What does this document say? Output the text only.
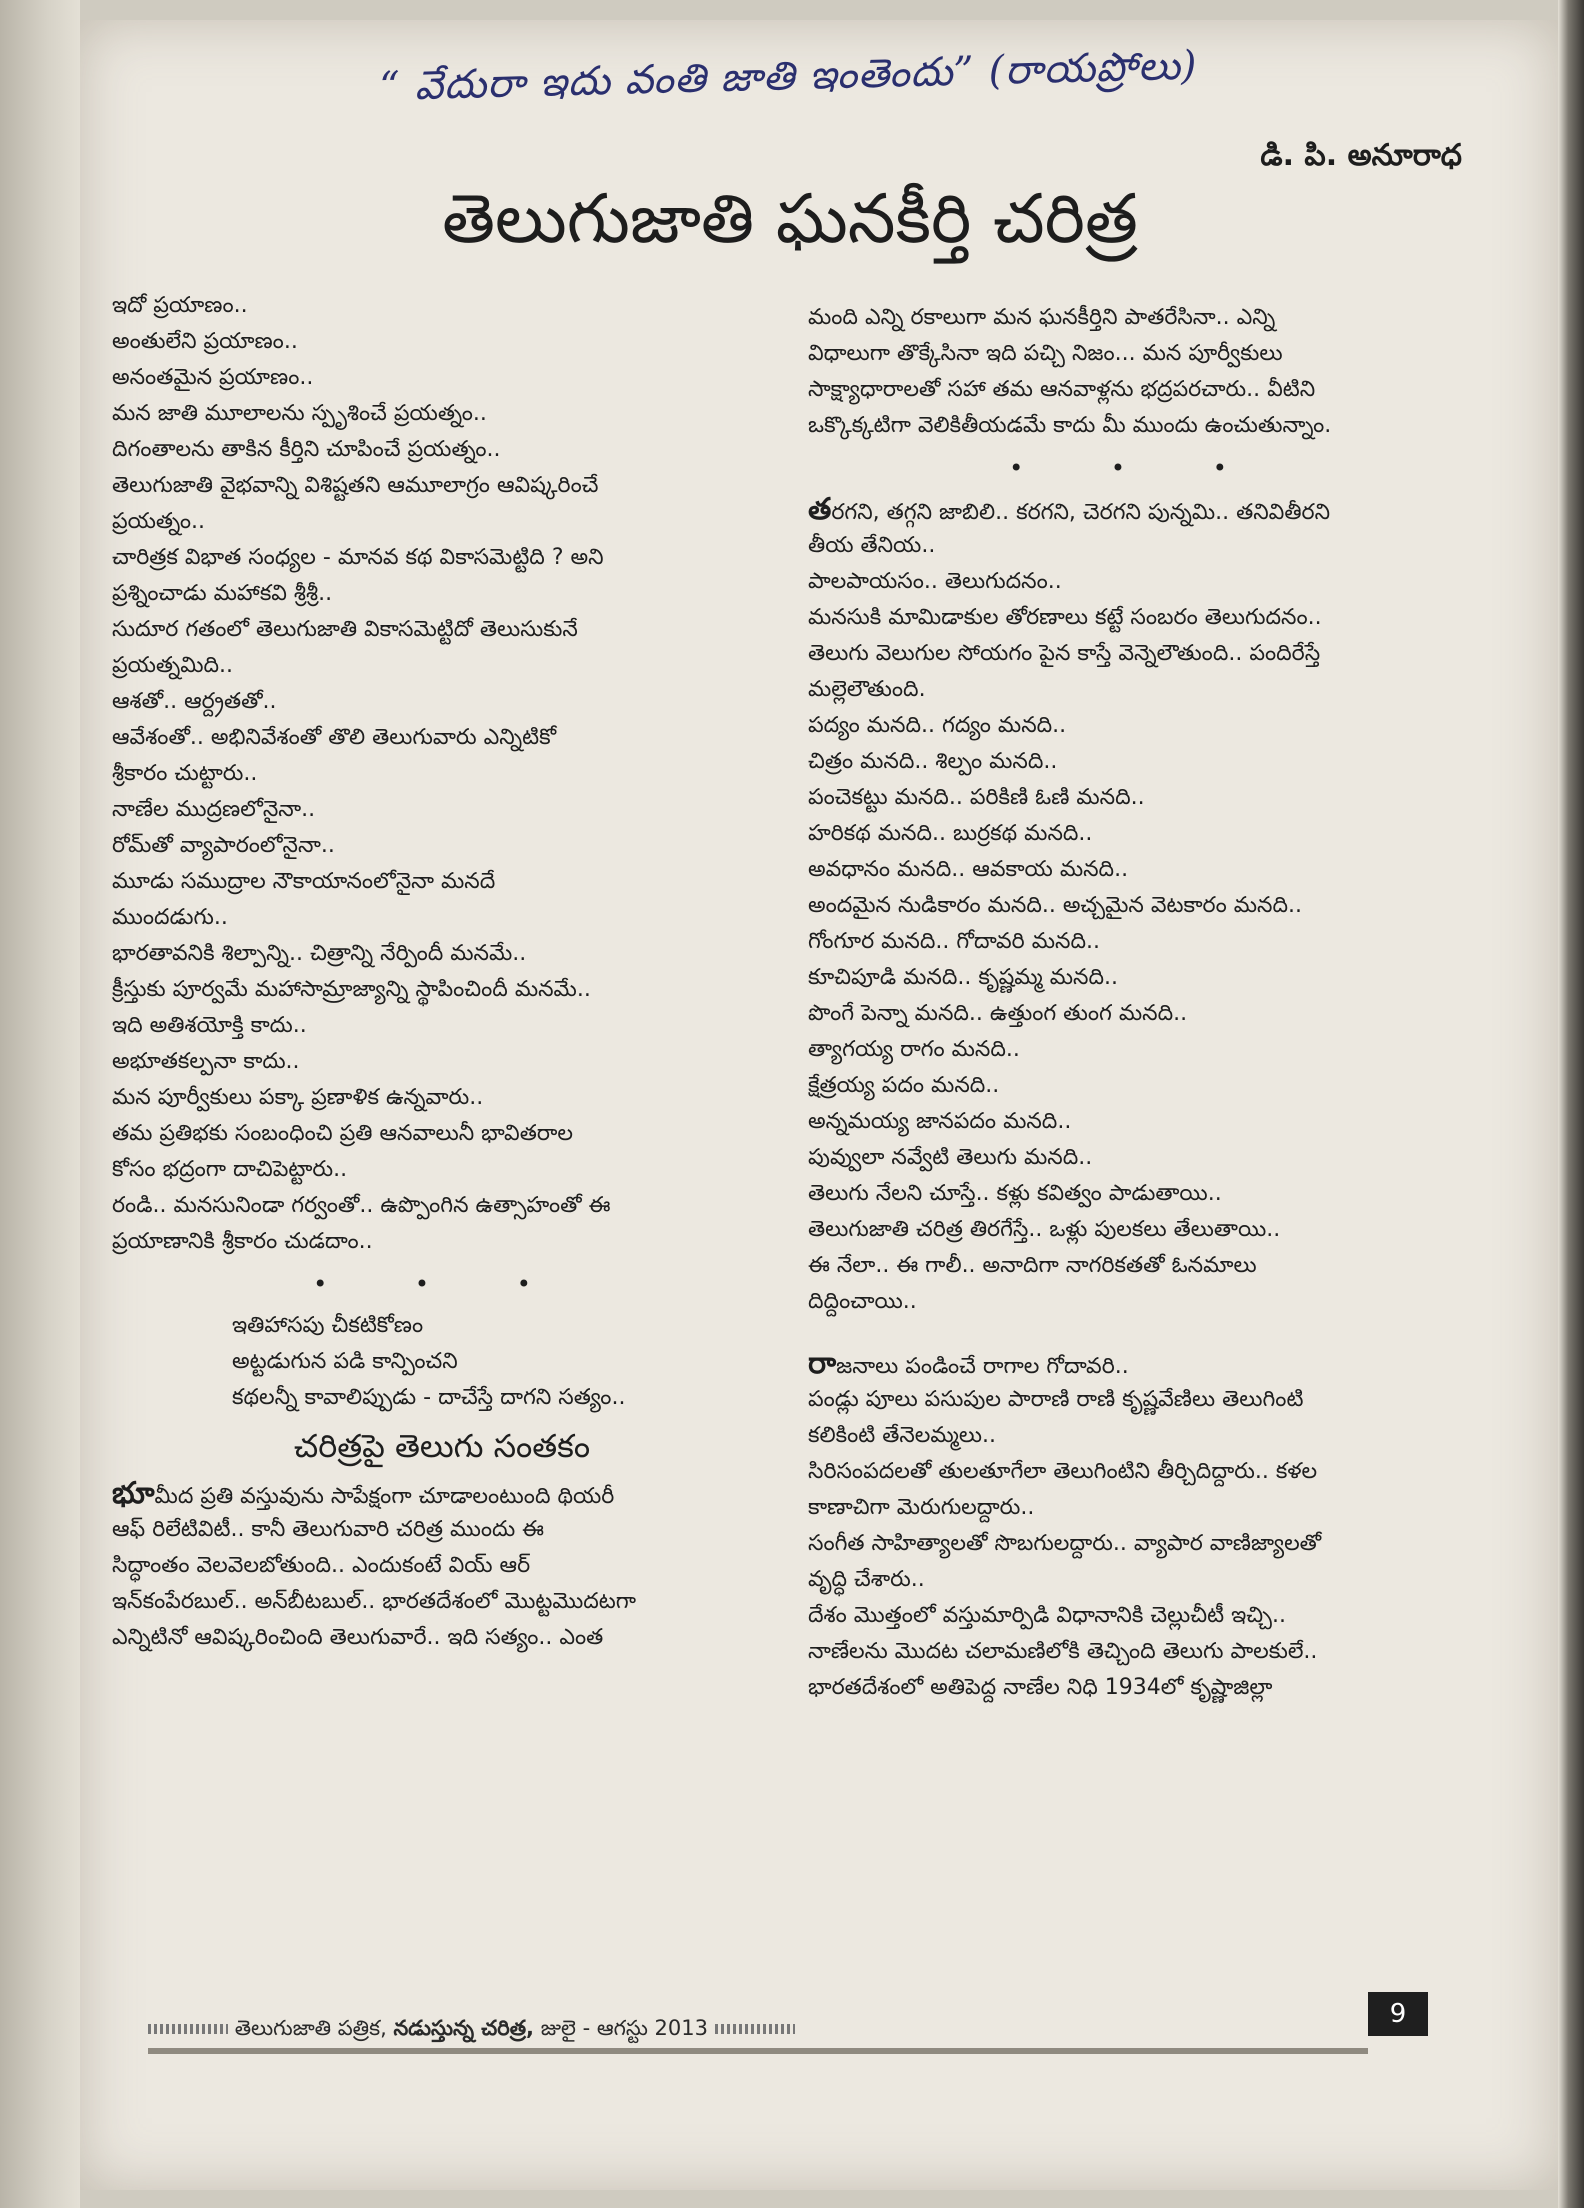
“ వేదురా ఇదు వంతి జాతి ఇంతెందు” (రాయప్రోలు)
డి. పి. అనూరాధ
తెలుగుజాతి ఘనకీర్తి చరిత్ర
ఇదో ప్రయాణం..
అంతులేని ప్రయాణం..
అనంతమైన ప్రయాణం..
మన జాతి మూలాలను స్పృశించే ప్రయత్నం..
దిగంతాలను తాకిన కీర్తిని చూపించే ప్రయత్నం..
తెలుగుజాతి వైభవాన్ని విశిష్టతని ఆమూలాగ్రం ఆవిష్కరించే
ప్రయత్నం..
చారిత్రక విభాత సంధ్యల - మానవ కథ వికాసమెట్టిది ? అని
ప్రశ్నించాడు మహాకవి శ్రీశ్రీ..
సుదూర గతంలో తెలుగుజాతి వికాసమెట్టిదో తెలుసుకునే
ప్రయత్నమిది..
ఆశతో.. ఆర్ద్రతతో..
ఆవేశంతో.. అభినివేశంతో తొలి తెలుగువారు ఎన్నిటికో
శ్రీకారం చుట్టారు..
నాణేల ముద్రణలోనైనా..
రోమ్‌తో వ్యాపారంలోనైనా..
మూడు సముద్రాల నౌకాయానంలోనైనా మనదే
ముందడుగు..
భారతావనికి శిల్పాన్ని.. చిత్రాన్ని నేర్పిందీ మనమే..
క్రీస్తుకు పూర్వమే మహాసామ్రాజ్యాన్ని స్థాపించిందీ మనమే..
ఇది అతిశయోక్తి కాదు..
అభూతకల్పనా కాదు..
మన పూర్వీకులు పక్కా ప్రణాళిక ఉన్నవారు..
తమ ప్రతిభకు సంబంధించి ప్రతి ఆనవాలునీ భావితరాల
కోసం భద్రంగా దాచిపెట్టారు..
రండి.. మనసునిండా గర్వంతో.. ఉప్పొంగిన ఉత్సాహంతో ఈ
ప్రయాణానికి శ్రీకారం చుడదాం..
• • •
ఇతిహాసపు చీకటికోణం
అట్టడుగున పడి కాన్పించని
కథలన్నీ కావాలిప్పుడు - దాచేస్తే దాగని సత్యం..
చరిత్రపై తెలుగు సంతకం
భూమీద ప్రతి వస్తువును సాపేక్షంగా చూడాలంటుంది థియరీ
ఆఫ్ రిలేటివిటీ.. కానీ తెలుగువారి చరిత్ర ముందు ఈ
సిద్ధాంతం వెలవెలబోతుంది.. ఎందుకంటే వియ్ ఆర్
ఇన్‌కంపేరబుల్.. అన్‌బీటబుల్.. భారతదేశంలో మొట్టమొదటగా
ఎన్నిటినో ఆవిష్కరించింది తెలుగువారే.. ఇది సత్యం.. ఎంత
మంది ఎన్ని రకాలుగా మన ఘనకీర్తిని పాతరేసినా.. ఎన్ని
విధాలుగా తొక్కేసినా ఇది పచ్చి నిజం... మన పూర్వీకులు
సాక్ష్యాధారాలతో సహా తమ ఆనవాళ్లను భద్రపరచారు.. వీటిని
ఒక్కొక్కటిగా వెలికితీయడమే కాదు మీ ముందు ఉంచుతున్నాం.
• • •
తరగని, తగ్గని జాబిలి.. కరగని, చెరగని పున్నమి.. తనివితీరని
తీయ తేనియ..
పాలపాయసం.. తెలుగుదనం..
మనసుకి మామిడాకుల తోరణాలు కట్టే సంబరం తెలుగుదనం..
తెలుగు వెలుగుల సోయగం పైన కాస్తే వెన్నెలౌతుంది.. పందిరేస్తే
మల్లెలౌతుంది.
పద్యం మనది.. గద్యం మనది..
చిత్రం మనది.. శిల్పం మనది..
పంచెకట్టు మనది.. పరికిణి ఓణి మనది..
హరికథ మనది.. బుర్రకథ మనది..
అవధానం మనది.. ఆవకాయ మనది..
అందమైన నుడికారం మనది.. అచ్చమైన వెటకారం మనది..
గోంగూర మనది.. గోదావరి మనది..
కూచిపూడి మనది.. కృష్ణమ్మ మనది..
పొంగే పెన్నా మనది.. ఉత్తుంగ తుంగ మనది..
త్యాగయ్య రాగం మనది..
క్షేత్రయ్య పదం మనది..
అన్నమయ్య జానపదం మనది..
పువ్వులా నవ్వేటి తెలుగు మనది..
తెలుగు నేలని చూస్తే.. కళ్లు కవిత్వం పాడుతాయి..
తెలుగుజాతి చరిత్ర తిరగేస్తే.. ఒళ్లు పులకలు తేలుతాయి..
ఈ నేలా.. ఈ గాలీ.. అనాదిగా నాగరికతతో ఓనమాలు
దిద్దించాయి..
రాజనాలు పండించే రాగాల గోదావరి..
పండ్లు పూలు పసుపుల పారాణి రాణి కృష్ణవేణిలు తెలుగింటి
కలికింటి తేనెలమ్మలు..
సిరిసంపదలతో తులతూగేలా తెలుగింటిని తీర్చిదిద్దారు.. కళల
కాణాచిగా మెరుగులద్దారు..
సంగీత సాహిత్యాలతో సొబగులద్దారు.. వ్యాపార వాణిజ్యాలతో
వృద్ధి చేశారు..
దేశం మొత్తంలో వస్తుమార్పిడి విధానానికి చెల్లుచీటీ ఇచ్చి..
నాణేలను మొదట చలామణిలోకి తెచ్చింది తెలుగు పాలకులే..
భారతదేశంలో అతిపెద్ద నాణేల నిధి 1934లో కృష్ణాజిల్లా
తెలుగుజాతి పత్రిక, నడుస్తున్న చరిత్ర, జులై - ఆగస్టు 2013	9
